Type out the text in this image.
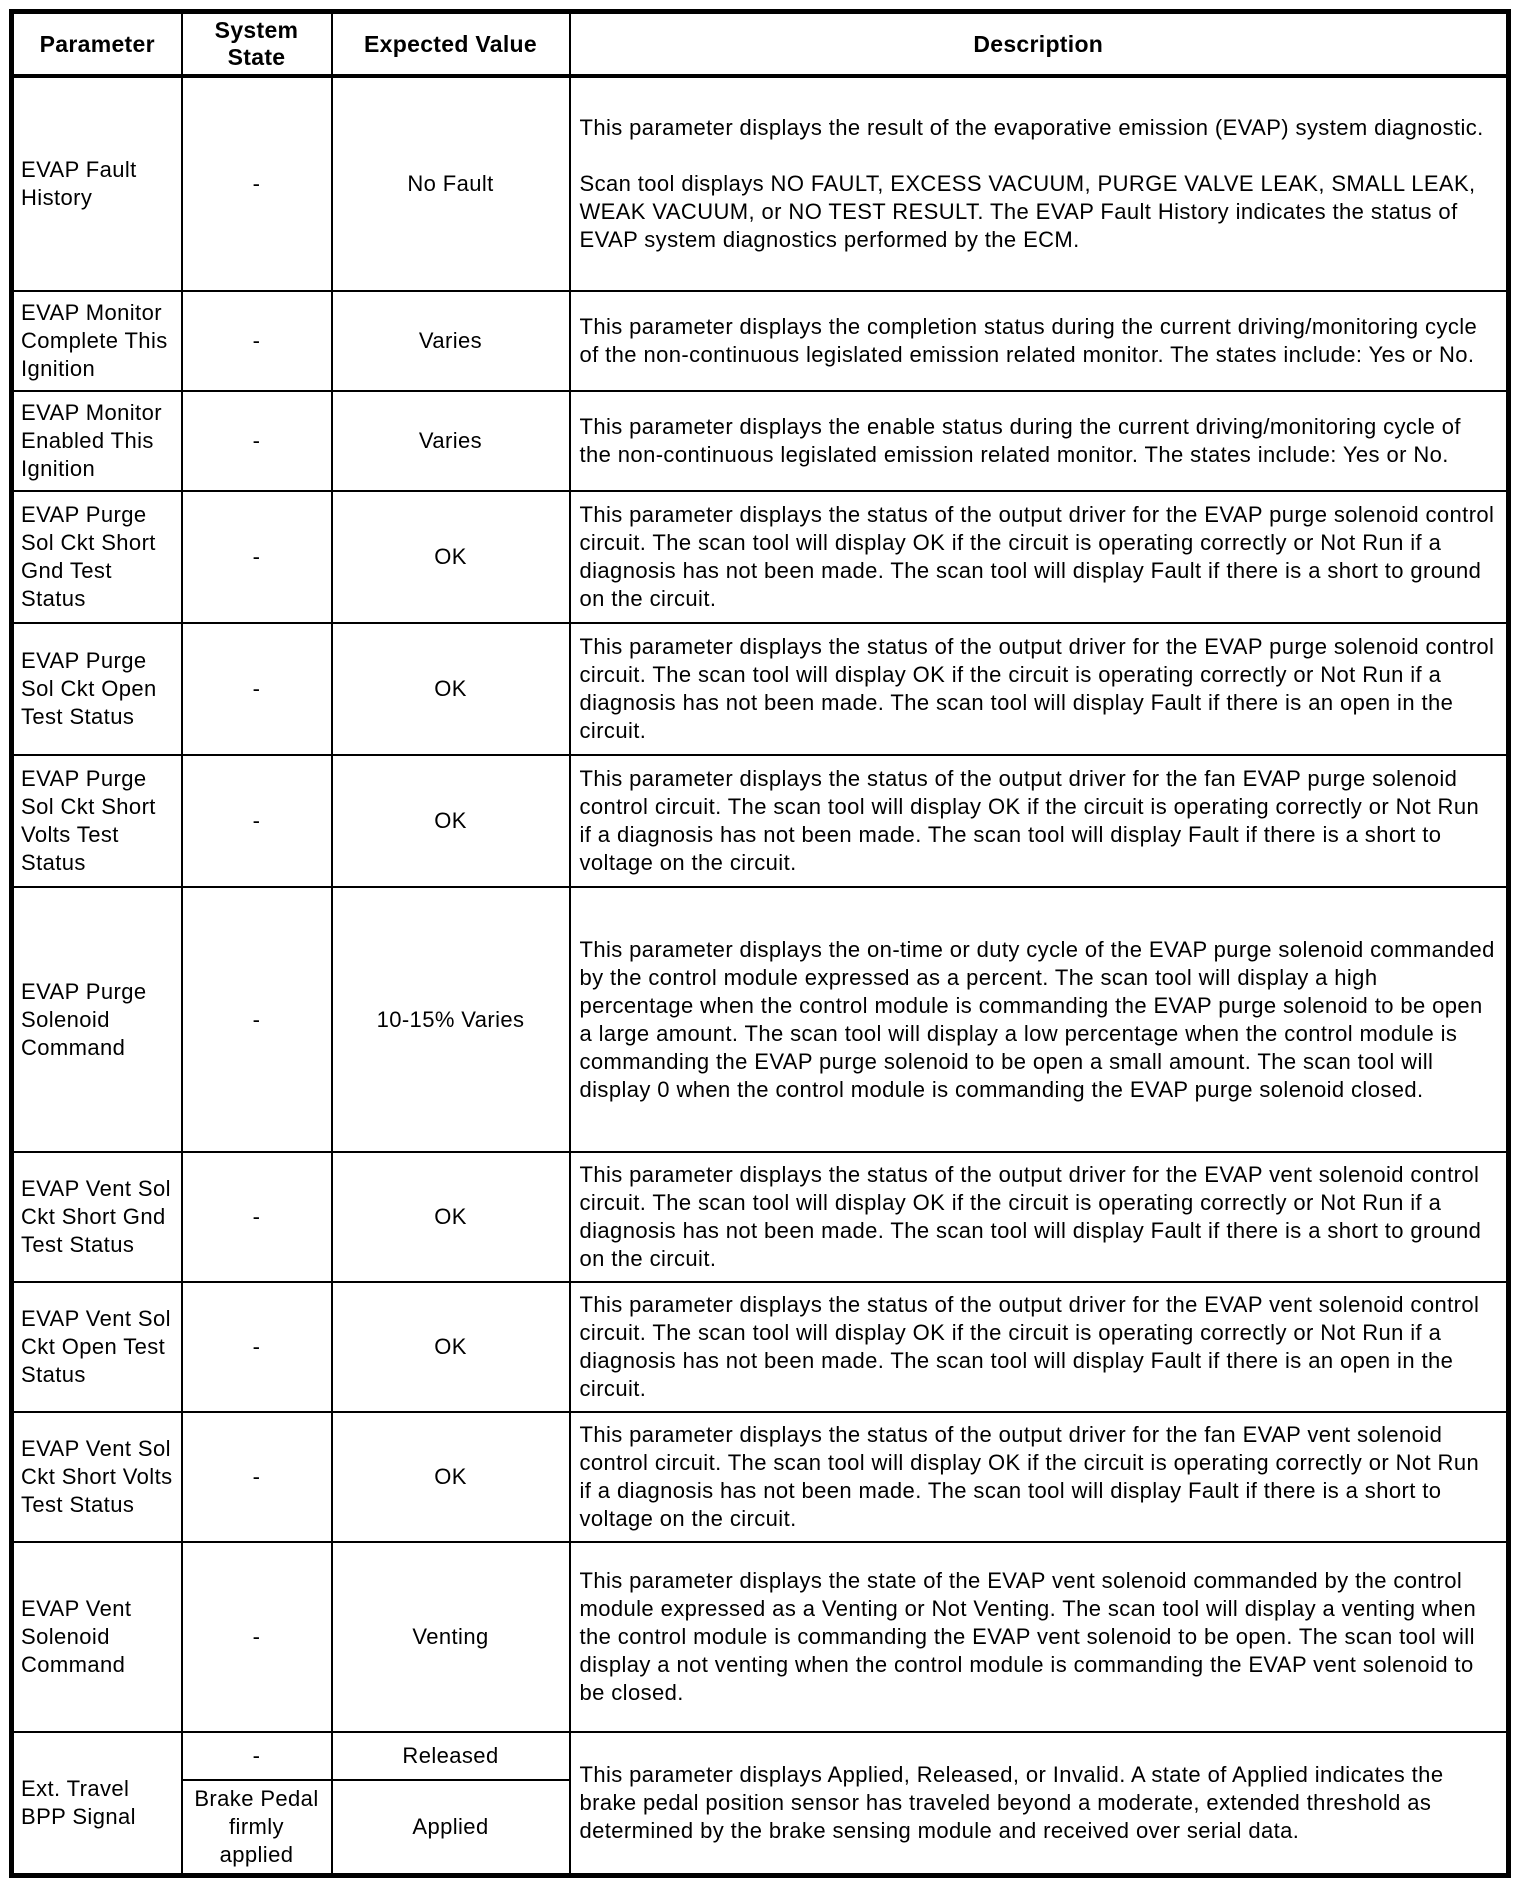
Parameter	System State	Expected Value	Description
EVAP Fault History	-	No Fault	This parameter displays the result of the evaporative emission (EVAP) system diagnostic.

Scan tool displays NO FAULT, EXCESS VACUUM, PURGE VALVE LEAK, SMALL LEAK, WEAK VACUUM, or NO TEST RESULT. The EVAP Fault History indicates the status of EVAP system diagnostics performed by the ECM.

EVAP Monitor Complete This Ignition	-	Varies	This parameter displays the completion status during the current driving/monitoring cycle of the non-continuous legislated emission related monitor. The states include: Yes or No.

EVAP Monitor Enabled This Ignition	-	Varies	This parameter displays the enable status during the current driving/monitoring cycle of the non-continuous legislated emission related monitor. The states include: Yes or No.

EVAP Purge Sol Ckt Short Gnd Test Status	-	OK	This parameter displays the status of the output driver for the EVAP purge solenoid control circuit. The scan tool will display OK if the circuit is operating correctly or Not Run if a diagnosis has not been made. The scan tool will display Fault if there is a short to ground on the circuit.

EVAP Purge Sol Ckt Open Test Status	-	OK	This parameter displays the status of the output driver for the EVAP purge solenoid control circuit. The scan tool will display OK if the circuit is operating correctly or Not Run if a diagnosis has not been made. The scan tool will display Fault if there is an open in the circuit.

EVAP Purge Sol Ckt Short Volts Test Status	-	OK	This parameter displays the status of the output driver for the fan EVAP purge solenoid control circuit. The scan tool will display OK if the circuit is operating correctly or Not Run if a diagnosis has not been made. The scan tool will display Fault if there is a short to voltage on the circuit.

EVAP Purge Solenoid Command	-	10-15% Varies	This parameter displays the on-time or duty cycle of the EVAP purge solenoid commanded by the control module expressed as a percent. The scan tool will display a high percentage when the control module is commanding the EVAP purge solenoid to be open a large amount. The scan tool will display a low percentage when the control module is commanding the EVAP purge solenoid to be open a small amount. The scan tool will display 0 when the control module is commanding the EVAP purge solenoid closed.

EVAP Vent Sol Ckt Short Gnd Test Status	-	OK	This parameter displays the status of the output driver for the EVAP vent solenoid control circuit. The scan tool will display OK if the circuit is operating correctly or Not Run if a diagnosis has not been made. The scan tool will display Fault if there is a short to ground on the circuit.

EVAP Vent Sol Ckt Open Test Status	-	OK	This parameter displays the status of the output driver for the EVAP vent solenoid control circuit. The scan tool will display OK if the circuit is operating correctly or Not Run if a diagnosis has not been made. The scan tool will display Fault if there is an open in the circuit.

EVAP Vent Sol Ckt Short Volts Test Status	-	OK	This parameter displays the status of the output driver for the fan EVAP vent solenoid control circuit. The scan tool will display OK if the circuit is operating correctly or Not Run if a diagnosis has not been made. The scan tool will display Fault if there is a short to voltage on the circuit.

EVAP Vent Solenoid Command	-	Venting	This parameter displays the state of the EVAP vent solenoid commanded by the control module expressed as a Venting or Not Venting. The scan tool will display a venting when the control module is commanding the EVAP vent solenoid to be open. The scan tool will display a not venting when the control module is commanding the EVAP vent solenoid to be closed.

Ext. Travel BPP Signal	-	Released	This parameter displays Applied, Released, or Invalid. A state of Applied indicates the brake pedal position sensor has traveled beyond a moderate, extended threshold as determined by the brake sensing module and received over serial data.

	Brake Pedal firmly applied	Applied	
